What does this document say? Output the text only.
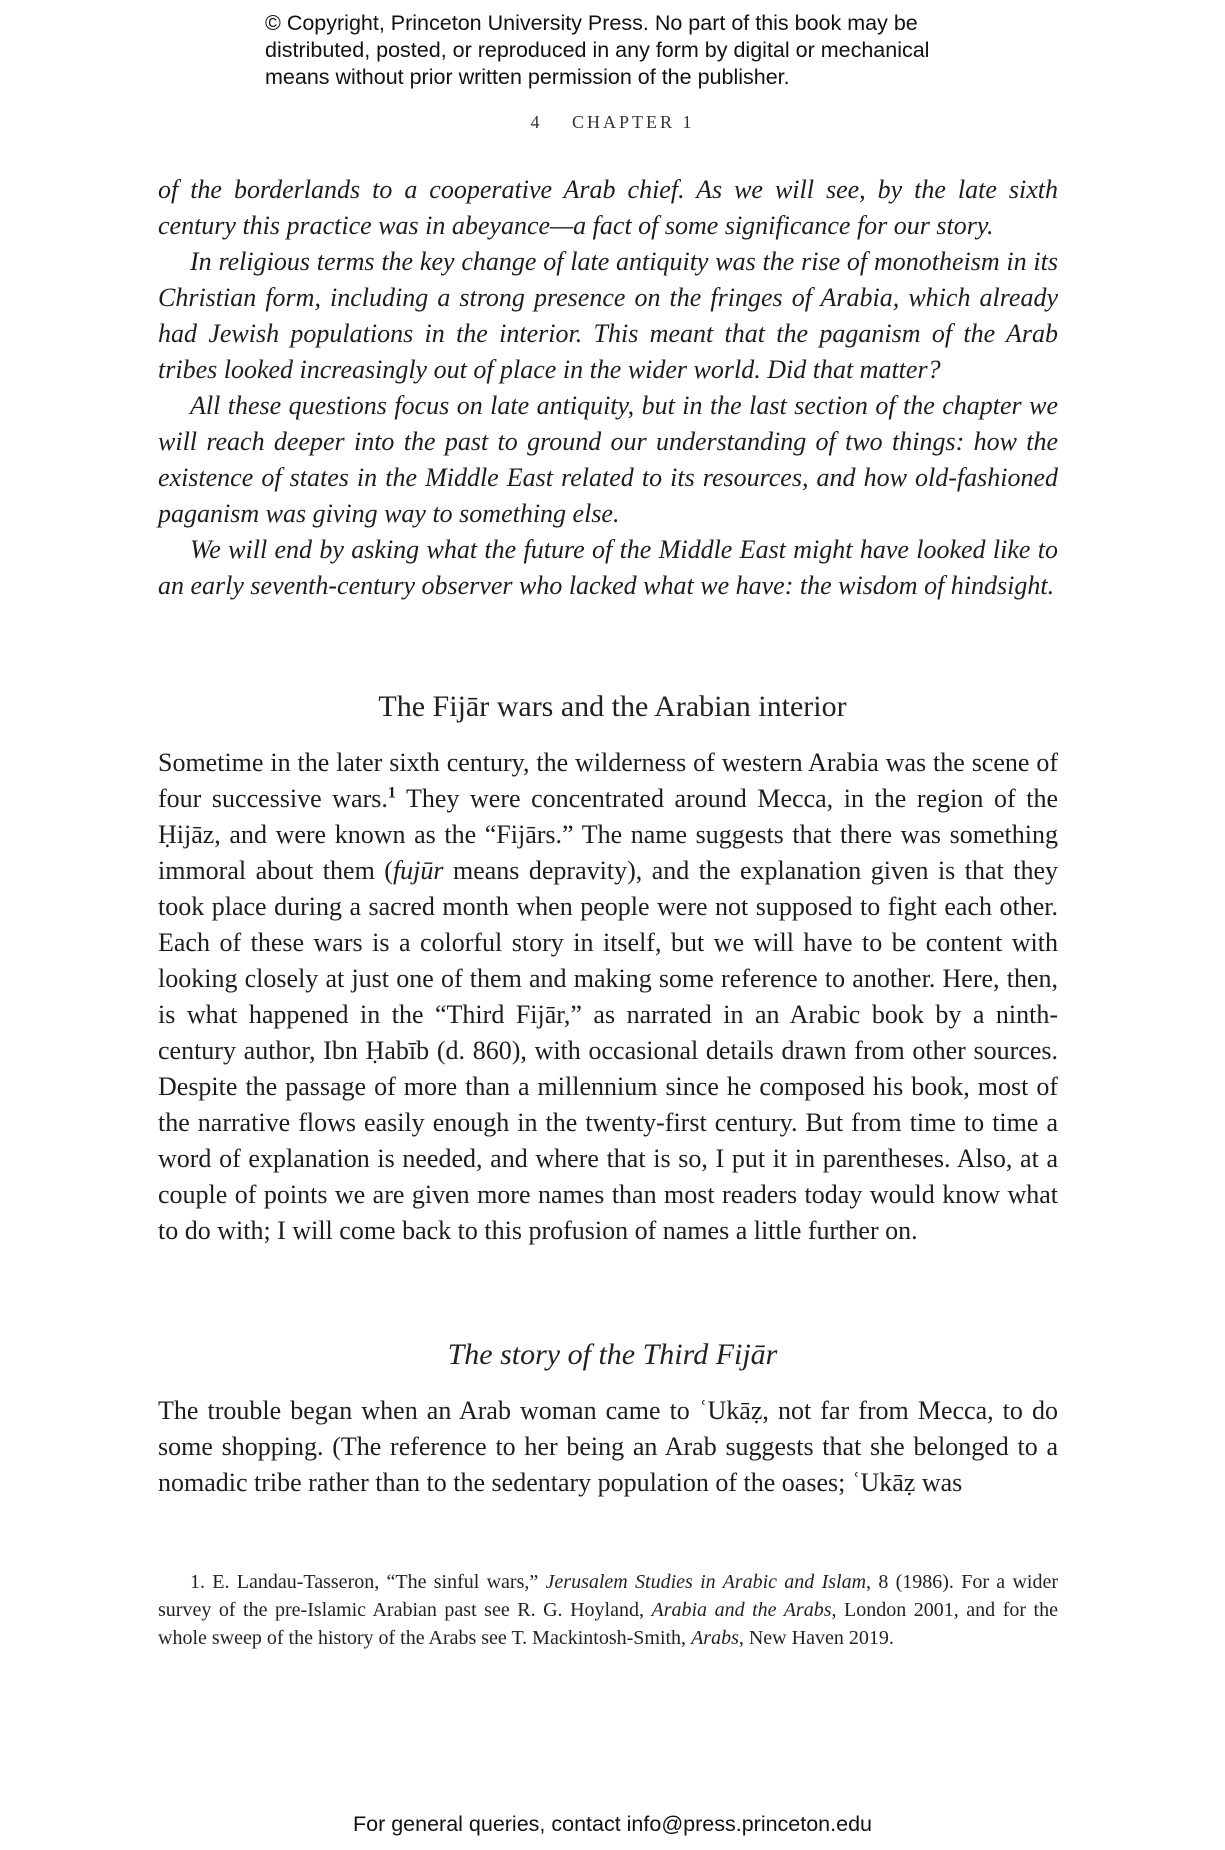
© Copyright, Princeton University Press. No part of this book may be
distributed, posted, or reproduced in any form by digital or mechanical
means without prior written permission of the publisher.
4 CHAPTER 1

of the borderlands to a cooperative Arab chief. As we will see, by the late sixth century this practice was in abeyance—a fact of some significance for our story.

In religious terms the key change of late antiquity was the rise of monotheism in its Christian form, including a strong presence on the fringes of Arabia, which already had Jewish populations in the interior. This meant that the paganism of the Arab tribes looked increasingly out of place in the wider world. Did that matter?

All these questions focus on late antiquity, but in the last section of the chapter we will reach deeper into the past to ground our understanding of two things: how the existence of states in the Middle East related to its resources, and how old-fashioned paganism was giving way to something else.

We will end by asking what the future of the Middle East might have looked like to an early seventh-century observer who lacked what we have: the wisdom of hindsight.

The Fijār wars and the Arabian interior

Sometime in the later sixth century, the wilderness of western Arabia was the scene of four successive wars.$^1$ They were concentrated around Mecca, in the region of the Ḥijāz, and were known as the “Fijārs.” The name suggests that there was something immoral about them (fujūr means depravity), and the explanation given is that they took place during a sacred month when people were not supposed to fight each other. Each of these wars is a colorful story in itself, but we will have to be content with looking closely at just one of them and making some reference to another. Here, then, is what happened in the “Third Fijār,” as narrated in an Arabic book by a ninth-century author, Ibn Ḥabīb (d. 860), with occasional details drawn from other sources. Despite the passage of more than a millennium since he composed his book, most of the narrative flows easily enough in the twenty-first century. But from time to time a word of explanation is needed, and where that is so, I put it in parentheses. Also, at a couple of points we are given more names than most readers today would know what to do with; I will come back to this profusion of names a little further on.

The story of the Third Fijār

The trouble began when an Arab woman came to ʿUkāẓ, not far from Mecca, to do some shopping. (The reference to her being an Arab suggests that she belonged to a nomadic tribe rather than to the sedentary population of the oases; ʿUkāẓ was

1. E. Landau-Tasseron, “The sinful wars,” Jerusalem Studies in Arabic and Islam, 8 (1986). For a wider survey of the pre-Islamic Arabian past see R. G. Hoyland, Arabia and the Arabs, London 2001, and for the whole sweep of the history of the Arabs see T. Mackintosh-Smith, Arabs, New Haven 2019.

For general queries, contact info@press.princeton.edu
